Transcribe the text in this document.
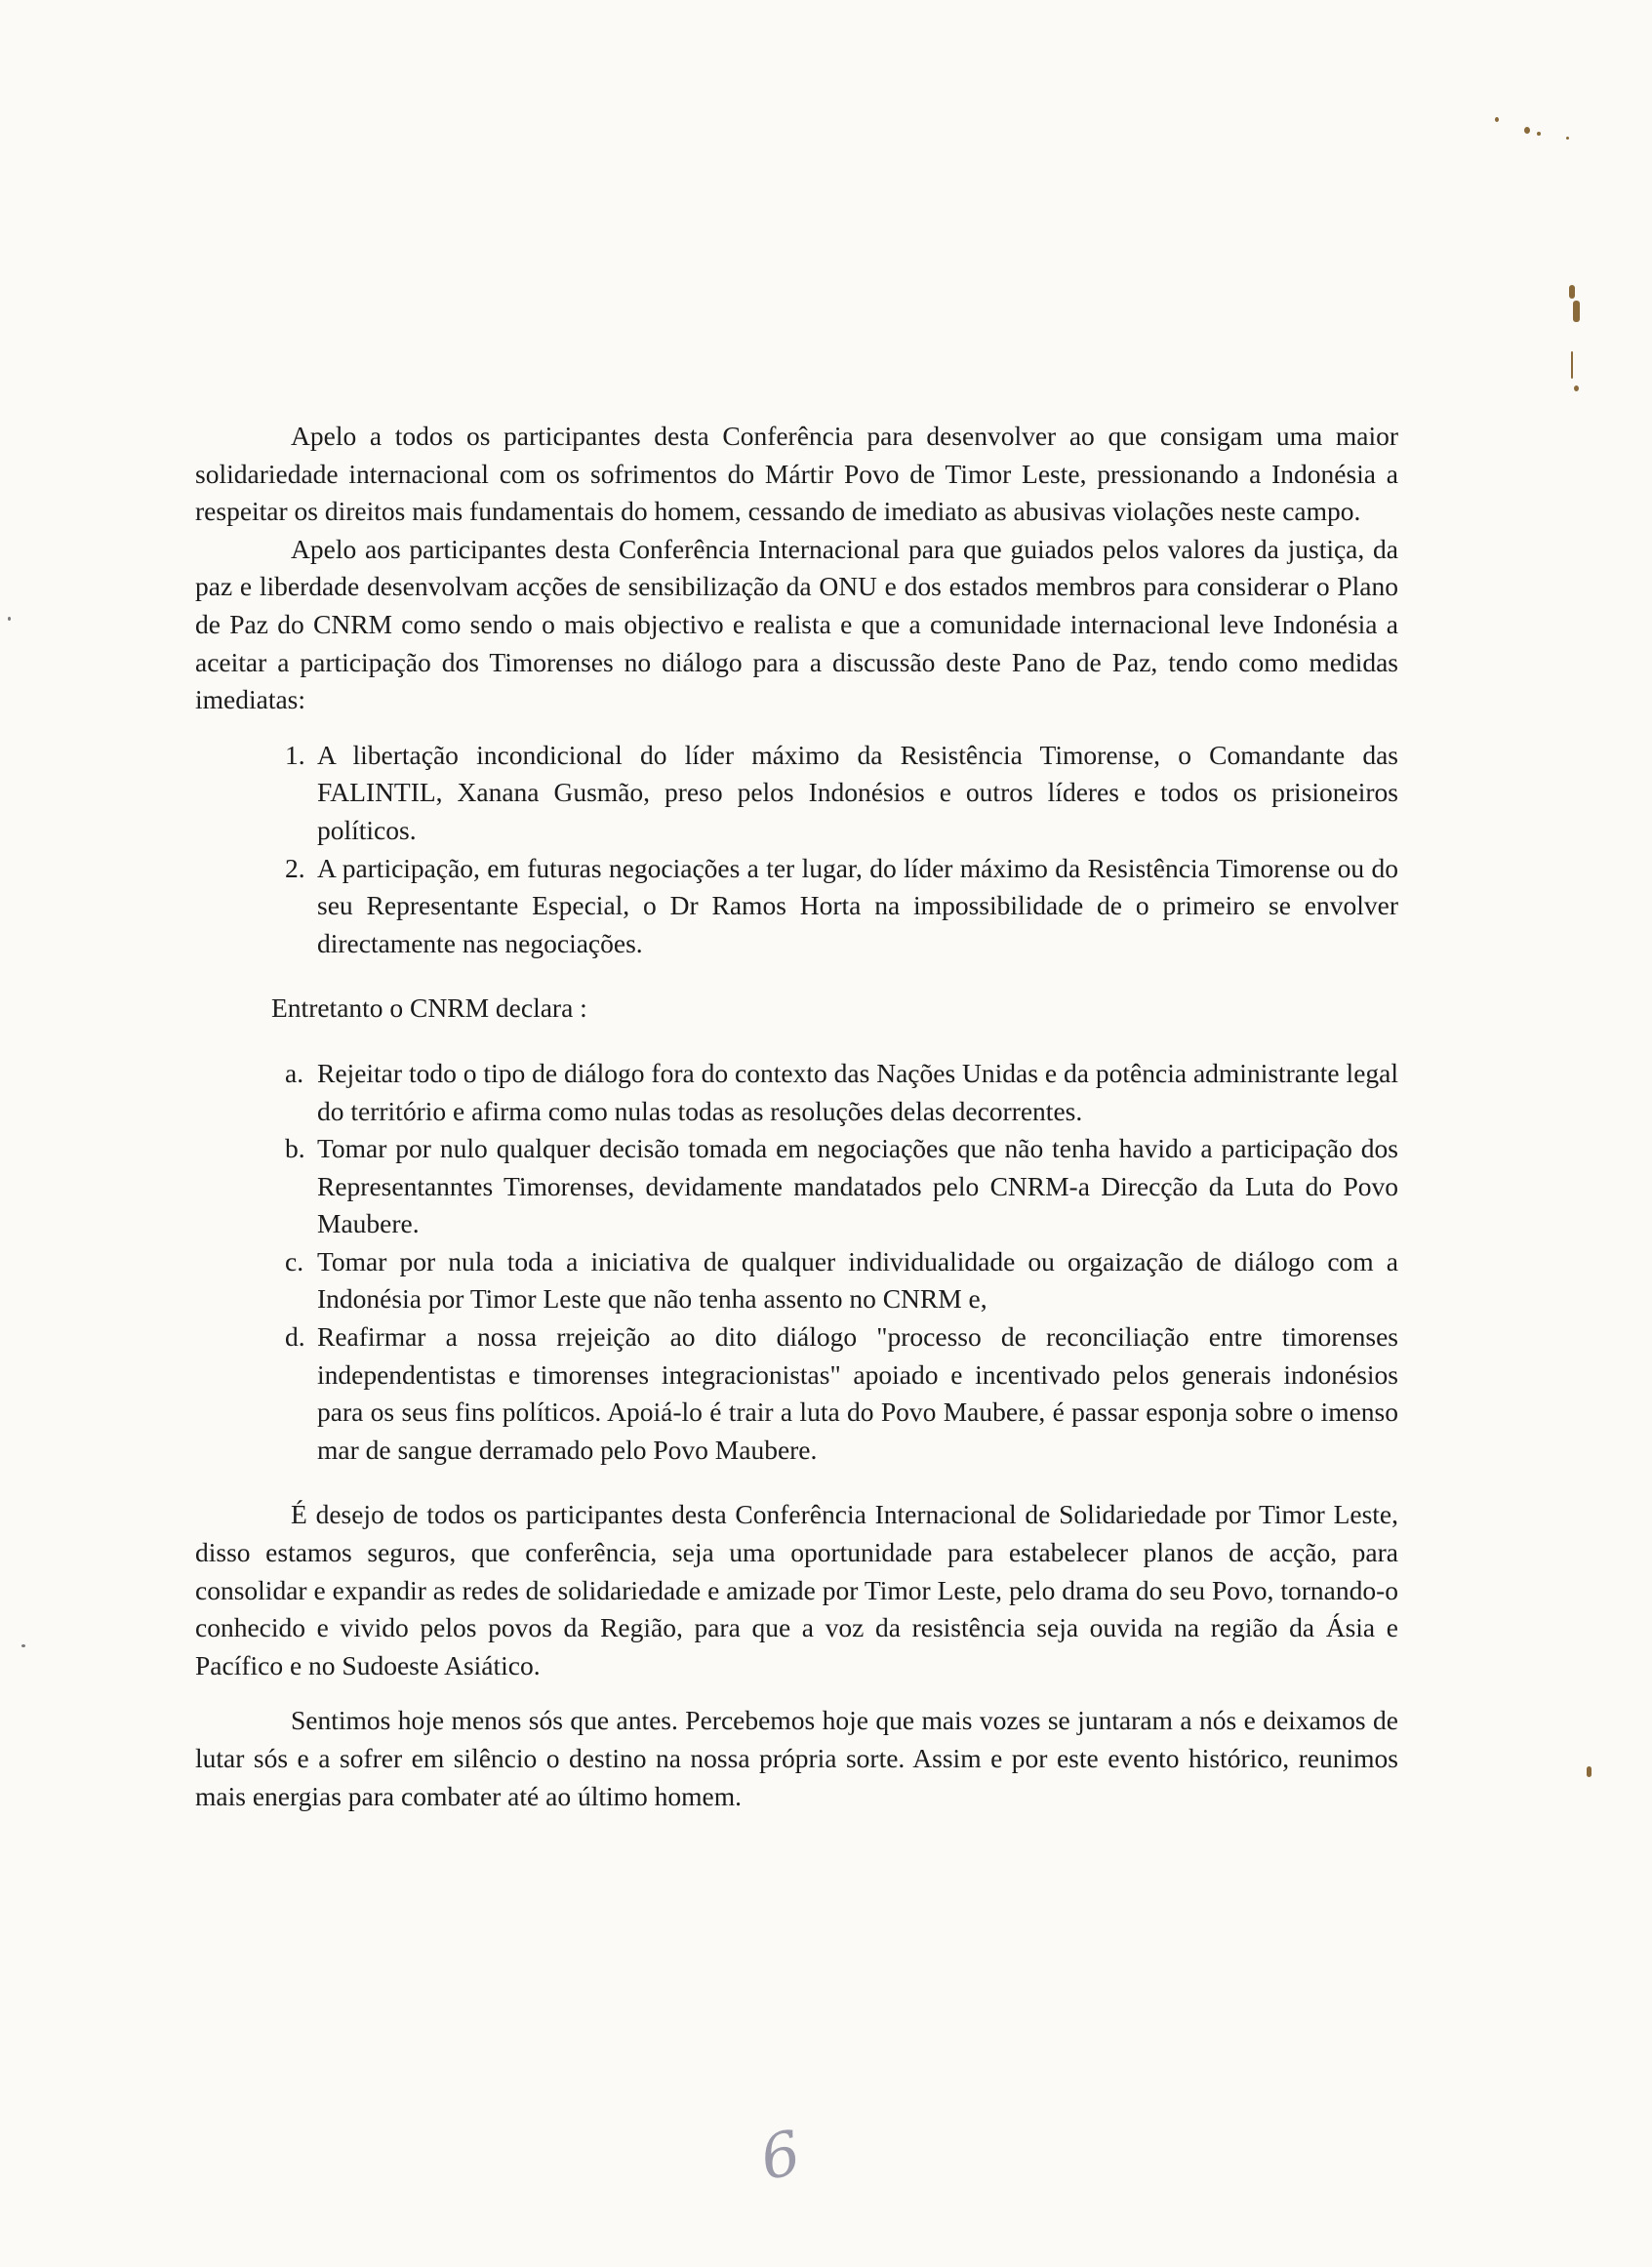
Apelo a todos os participantes desta Conferência para desenvolver ao que consigam uma maior solidariedade internacional com os sofrimentos do Mártir Povo de Timor Leste, pressionando a Indonésia a respeitar os direitos mais fundamentais do homem, cessando de imediato as abusivas violações neste campo.

Apelo aos participantes desta Conferência Internacional para que guiados pelos valores da justiça, da paz e liberdade desenvolvam acções de sensibilização da ONU e dos estados membros para considerar o Plano de Paz do CNRM como sendo o mais objectivo e realista e que a comunidade internacional leve Indonésia a aceitar a participação dos Timorenses no diálogo para a discussão deste Pano de Paz, tendo como medidas imediatas:

1. A libertação incondicional do líder máximo da Resistência Timorense, o Comandante das FALINTIL, Xanana Gusmão, preso pelos Indonésios e outros líderes e todos os prisioneiros políticos.
2. A participação, em futuras negociações a ter lugar, do líder máximo da Resistência Timorense ou do seu Representante Especial, o Dr Ramos Horta na impossibilidade de o primeiro se envolver directamente nas negociações.

Entretanto o CNRM declara :

a. Rejeitar todo o tipo de diálogo fora do contexto das Nações Unidas e da potência administrante legal do território e afirma como nulas todas as resoluções delas decorrentes.
b. Tomar por nulo qualquer decisão tomada em negociações que não tenha havido a participação dos Representanntes Timorenses, devidamente mandatados pelo CNRM-a Direcção da Luta do Povo Maubere.
c. Tomar por nula toda a iniciativa de qualquer individualidade ou orgaização de diálogo com a Indonésia por Timor Leste que não tenha assento no CNRM e,
d. Reafirmar a nossa rrejeição ao dito diálogo "processo de reconciliação entre timorenses independentistas e timorenses integracionistas" apoiado e incentivado pelos generais indonésios para os seus fins políticos. Apoiá-lo é trair a luta do Povo Maubere, é passar esponja sobre o imenso mar de sangue derramado pelo Povo Maubere.

É desejo de todos os participantes desta Conferência Internacional de Solidariedade por Timor Leste, disso estamos seguros, que conferência, seja uma oportunidade para estabelecer planos de acção, para consolidar e expandir as redes de solidariedade e amizade por Timor Leste, pelo drama do seu Povo, tornando-o conhecido e vivido pelos povos da Região, para que a voz da resistência seja ouvida na região da Ásia e Pacífico e no Sudoeste Asiático.

Sentimos hoje menos sós que antes. Percebemos hoje que mais vozes se juntaram a nós e deixamos de lutar sós e a sofrer em silêncio o destino na nossa própria sorte. Assim e por este evento histórico, reunimos mais energias para combater até ao último homem.

6
